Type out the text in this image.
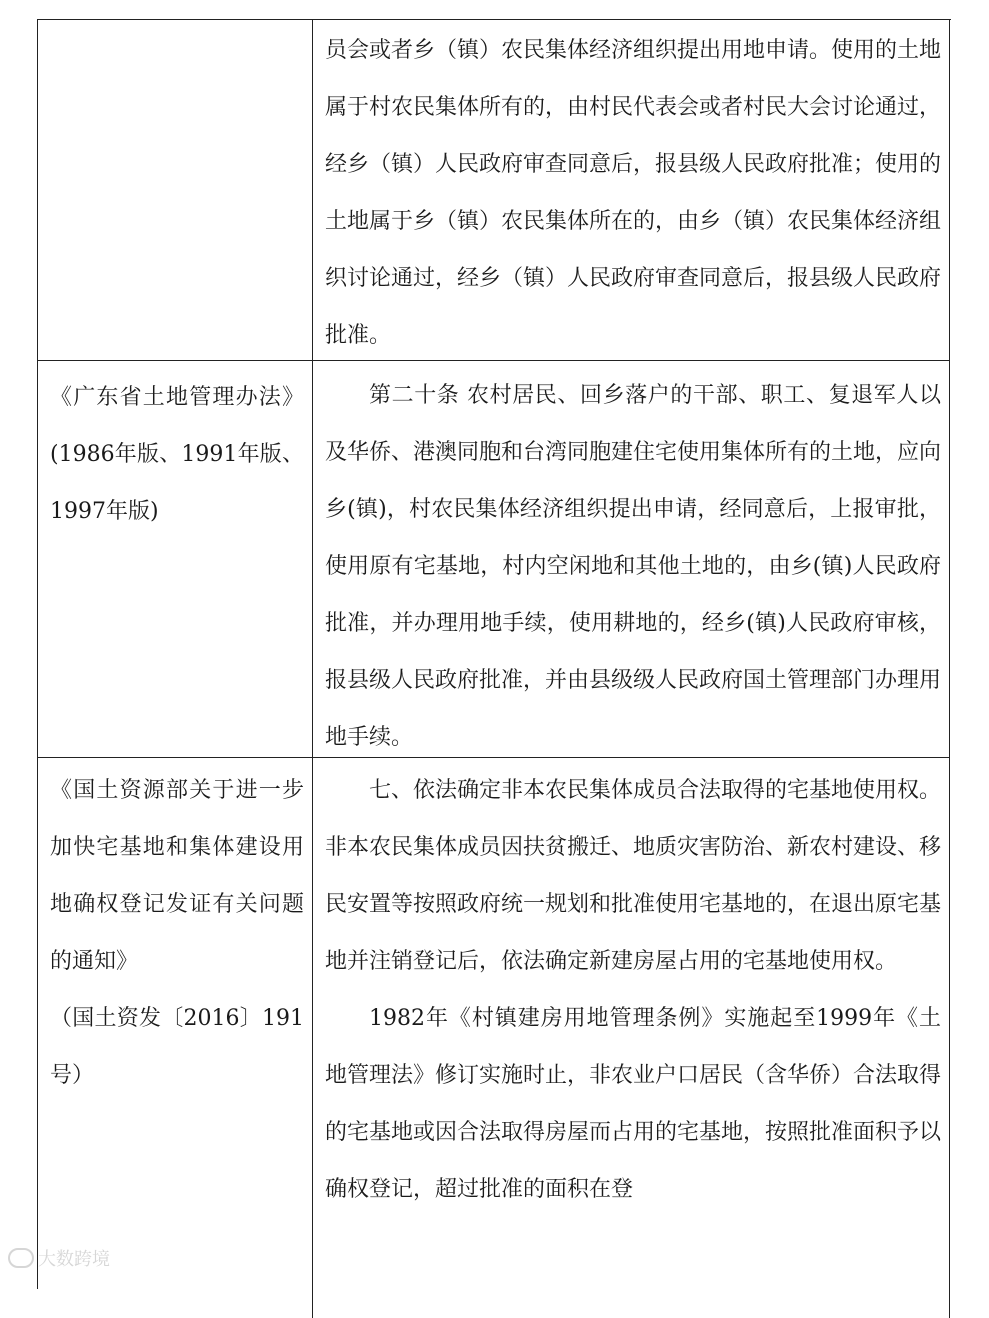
员会或者乡（镇）农民集体经济组织提出用地申请。使用的土地属于村农民集体所有的，由村民代表会或者村民大会讨论通过，经乡（镇）人民政府审查同意后，报县级人民政府批准；使用的土地属于乡（镇）农民集体所在的，由乡（镇）农民集体经济组织讨论通过，经乡（镇）人民政府审查同意后，报县级人民政府批准。
《广东省土地管理办法》(1986年版、1991年版、1997年版)
第二十条 农村居民、回乡落户的干部、职工、复退军人以及华侨、港澳同胞和台湾同胞建住宅使用集体所有的土地，应向乡(镇)，村农民集体经济组织提出申请，经同意后，上报审批，使用原有宅基地，村内空闲地和其他土地的，由乡(镇)人民政府批准，并办理用地手续，使用耕地的，经乡(镇)人民政府审核，报县级人民政府批准，并由县级级人民政府国土管理部门办理用地手续。
《国土资源部关于进一步加快宅基地和集体建设用地确权登记发证有关问题的通知》
（国土资发〔2016〕191号）
七、依法确定非本农民集体成员合法取得的宅基地使用权。非本农民集体成员因扶贫搬迁、地质灾害防治、新农村建设、移民安置等按照政府统一规划和批准使用宅基地的，在退出原宅基地并注销登记后，依法确定新建房屋占用的宅基地使用权。
1982年《村镇建房用地管理条例》实施起至1999年《土地管理法》修订实施时止，非农业户口居民（含华侨）合法取得的宅基地或因合法取得房屋而占用的宅基地，按照批准面积予以确权登记，超过批准的面积在登
大数跨境
